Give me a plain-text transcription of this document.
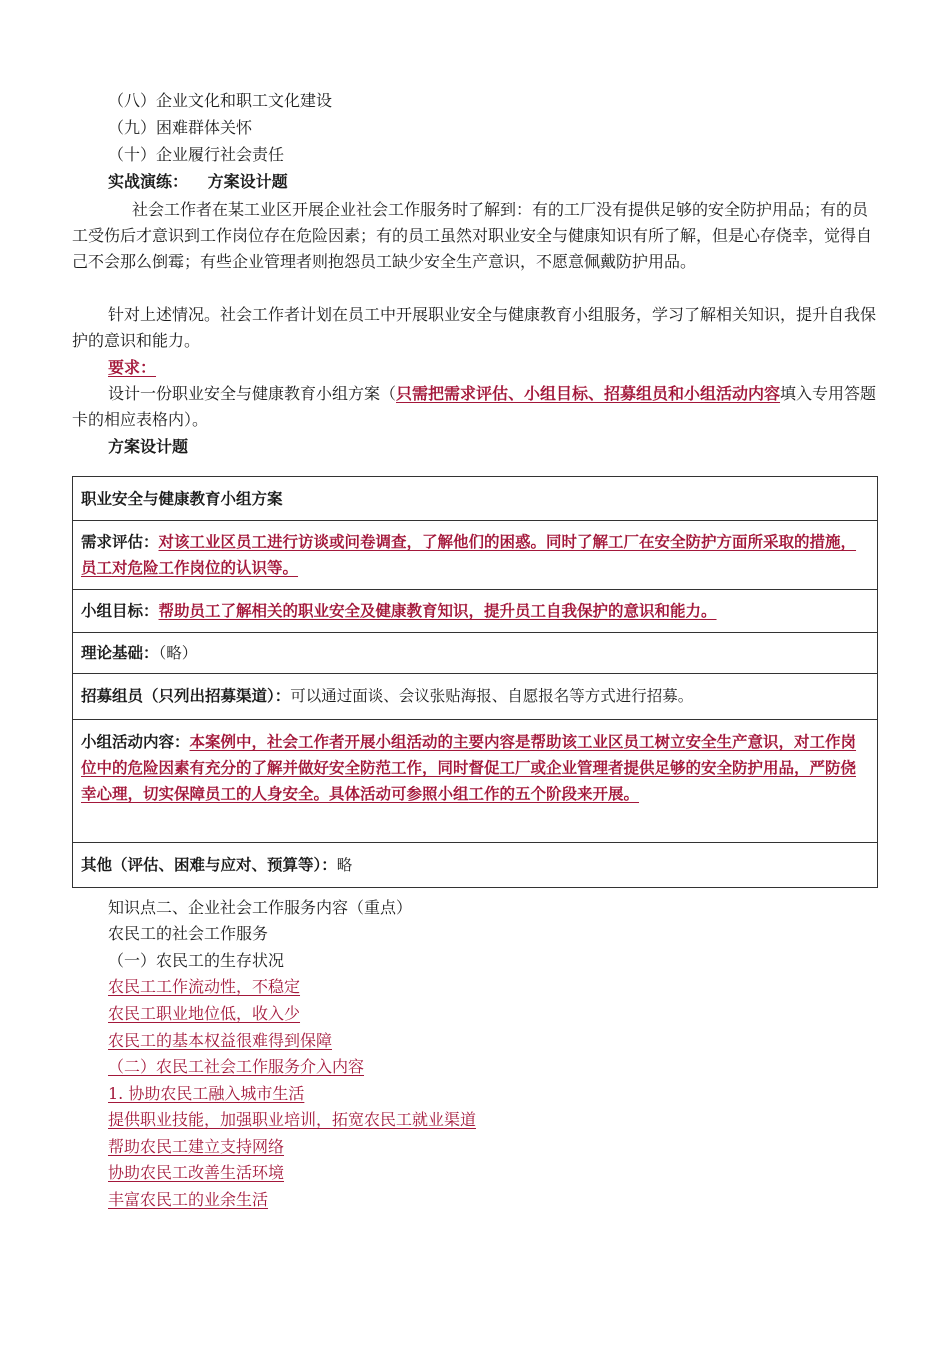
（八）企业文化和职工文化建设
（九）困难群体关怀
（十）企业履行社会责任
实战演练： 方案设计题
社会工作者在某工业区开展企业社会工作服务时了解到：有的工厂没有提供足够的安全防护用品；有的员工受伤后才意识到工作岗位存在危险因素；有的员工虽然对职业安全与健康知识有所了解，但是心存侥幸，觉得自己不会那么倒霉；有些企业管理者则抱怨员工缺少安全生产意识，不愿意佩戴防护用品。
针对上述情况。社会工作者计划在员工中开展职业安全与健康教育小组服务，学习了解相关知识，提升自我保护的意识和能力。
要求：
设计一份职业安全与健康教育小组方案（只需把需求评估、小组目标、招募组员和小组活动内容填入专用答题卡的相应表格内）。
方案设计题
职业安全与健康教育小组方案
需求评估：对该工业区员工进行访谈或问卷调查，了解他们的困惑。同时了解工厂在安全防护方面所采取的措施，员工对危险工作岗位的认识等。
小组目标：帮助员工了解相关的职业安全及健康教育知识，提升员工自我保护的意识和能力。
理论基础：（略）
招募组员（只列出招募渠道）：可以通过面谈、会议张贴海报、自愿报名等方式进行招募。
小组活动内容：本案例中，社会工作者开展小组活动的主要内容是帮助该工业区员工树立安全生产意识，对工作岗位中的危险因素有充分的了解并做好安全防范工作，同时督促工厂或企业管理者提供足够的安全防护用品，严防侥幸心理，切实保障员工的人身安全。具体活动可参照小组工作的五个阶段来开展。
其他（评估、困难与应对、预算等）：略
知识点二、企业社会工作服务内容（重点）
农民工的社会工作服务
（一）农民工的生存状况
农民工工作流动性，不稳定
农民工职业地位低，收入少
农民工的基本权益很难得到保障
（二）农民工社会工作服务介入内容
1. 协助农民工融入城市生活
提供职业技能，加强职业培训，拓宽农民工就业渠道
帮助农民工建立支持网络
协助农民工改善生活环境
丰富农民工的业余生活
